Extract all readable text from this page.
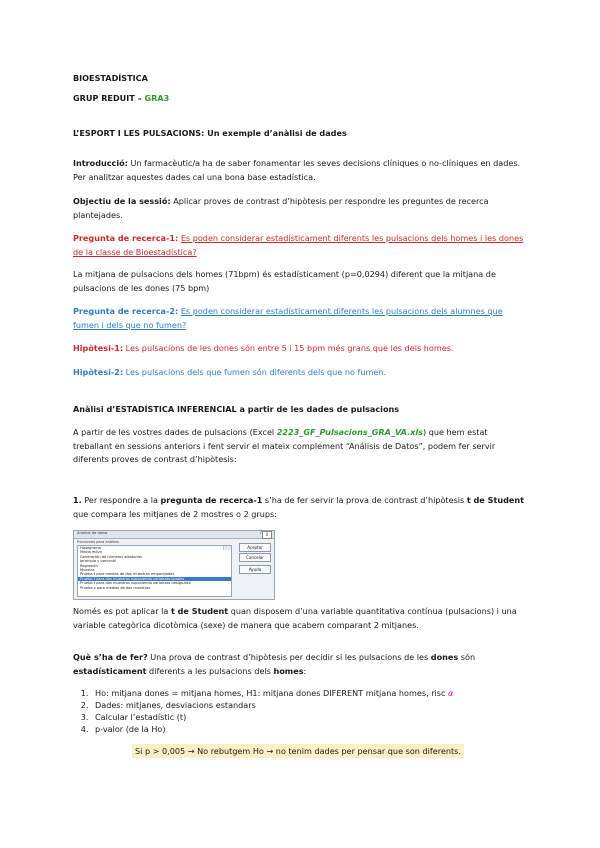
BIOESTADÍSTICA
GRUP REDUIT – GRA3
L’ESPORT I LES PULSACIONS: Un exemple d’anàlisi de dades
Introducció: Un farmacèutic/a ha de saber fonamentar les seves decisions clíniques o no-clíniques en dades. Per analitzar aquestes dades cal una bona base estadística.
Objectiu de la sessió: Aplicar proves de contrast d’hipòtesis per respondre les preguntes de recerca plantejades.
Pregunta de recerca-1: Es poden considerar estadísticament diferents les pulsacions dels homes i les dones de la classe de Bioestadística?
La mitjana de pulsacions dels homes (71bpm) és estadísticament (p=0,0294) diferent que la mitjana de pulsacions de les dones (75 bpm)
Pregunta de recerca-2: Es poden considerar estadísticament diferents les pulsacions dels alumnes que fumen i dels que no fumen?
Hipòtesi-1: Les pulsacions de les dones són entre 5 i 15 bpm més grans que les dels homes.
Hipòtesi-2: Les pulsacions dels que fumen són diferents dels que no fumen.
Anàlisi d’ESTADÍSTICA INFERENCIAL a partir de les dades de pulsacions
A partir de les vostres dades de pulsacions (Excel 2223_GF_Pulsacions_GRA_VA.xls) que hem estat treballant en sessions anteriors i fent servir el mateix complement “Análisis de Datos”, podem fer servir diferents proves de contrast d’hipòtesis:
1. Per respondre a la pregunta de recerca-1 s’ha de fer servir la prova de contrast d’hipòtesis t de Student que compara les mitjanes de 2 mostres o 2 grups:
Análisis de datos	? X
Funciones para análisis
Histograma
Media móvil
Generación de números aleatorios
Jerarquía y percentil
Regresión
Muestra
Prueba t para medias de dos muestras emparejadas
Prueba t para dos muestras suponiendo varianzas iguales
Prueba t para dos muestras suponiendo varianzas desiguales
Prueba z para medias de dos muestras
Aceptar
Cancelar
Ayuda
Només es pot aplicar la t de Student quan disposem d’una variable quantitativa contínua (pulsacions) i una variable categòrica dicotòmica (sexe) de manera que acabem comparant 2 mitjanes.
Què s’ha de fer? Una prova de contrast d’hipòtesis per decidir si les pulsacions de les dones són estadísticament diferents a les pulsacions dels homes:
1. Ho: mitjana dones = mitjana homes, H1: mitjana dones DIFERENT mitjana homes, risc α
2. Dades: mitjanes, desviacions estandars
3. Calcular l’estadístic (t)
4. p-valor (de la Ho)
Si p > 0,005 → No rebutgem Ho → no tenim dades per pensar que son diferents.
